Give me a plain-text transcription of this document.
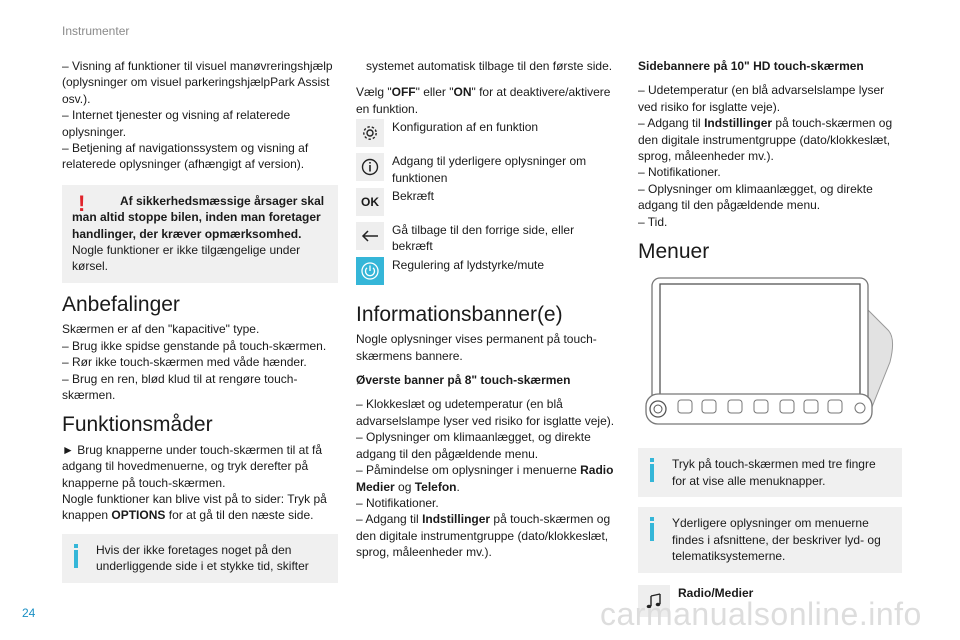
Instrumenter

– Visning af funktioner til visuel manøvreringshjælp (oplysninger om visuel parkeringshjælpPark Assist osv.).

– Internet tjenester og visning af relaterede oplysninger.

– Betjening af navigationssystem og visning af relaterede oplysninger (afhængigt af version).

!	Af sikkerhedsmæssige årsager skal man altid stoppe bilen, inden man foretager handlinger, der kræver opmærksomhed.

Nogle funktioner er ikke tilgængelige under kørsel.

Anbefalinger

Skærmen er af den "kapacitive" type.

– Brug ikke spidse genstande på touch-skærmen.

– Rør ikke touch-skærmen med våde hænder.

– Brug en ren, blød klud til at rengøre touch-skærmen.

Funktionsmåder

► Brug knapperne under touch-skærmen til at få adgang til hovedmenuerne, og tryk derefter på knapperne på touch-skærmen.

Nogle funktioner kan blive vist på to sider: Tryk på knappen OPTIONS for at gå til den næste side.

Hvis der ikke foretages noget på den underliggende side i et stykke tid, skifter

systemet automatisk tilbage til den første side.

Vælg "OFF" eller "ON" for at deaktivere/aktivere en funktion.

Konfiguration af en funktion
Adgang til yderligere oplysninger om funktionen
OK Bekræft
Gå tilbage til den forrige side, eller bekræft
Regulering af lydstyrke/mute
Informationsbanner(e)

Nogle oplysninger vises permanent på touch-skærmens bannere.

Øverste banner på 8" touch-skærmen

– Klokkeslæt og udetemperatur (en blå advarselslampe lyser ved risiko for isglatte veje).

– Oplysninger om klimaanlægget, og direkte adgang til den pågældende menu.

– Påmindelse om oplysninger i menuerne Radio Medier og Telefon.

– Notifikationer.

– Adgang til Indstillinger på touch-skærmen og den digitale instrumentgruppe (dato/klokkeslæt, sprog, måleenheder mv.).

Sidebannere på 10" HD touch-skærmen

– Udetemperatur (en blå advarselslampe lyser ved risiko for isglatte veje).

– Adgang til Indstillinger på touch-skærmen og den digitale instrumentgruppe (dato/klokkeslæt, sprog, måleenheder mv.).

– Notifikationer.

– Oplysninger om klimaanlægget, og direkte adgang til den pågældende menu.

– Tid.

Menuer

Tryk på touch-skærmen med tre fingre for at vise alle menuknapper.

Yderligere oplysninger om menuerne findes i afsnittene, der beskriver lyd- og telematiksystemerne.

Radio/Medier
24	carmanualsonline.info
